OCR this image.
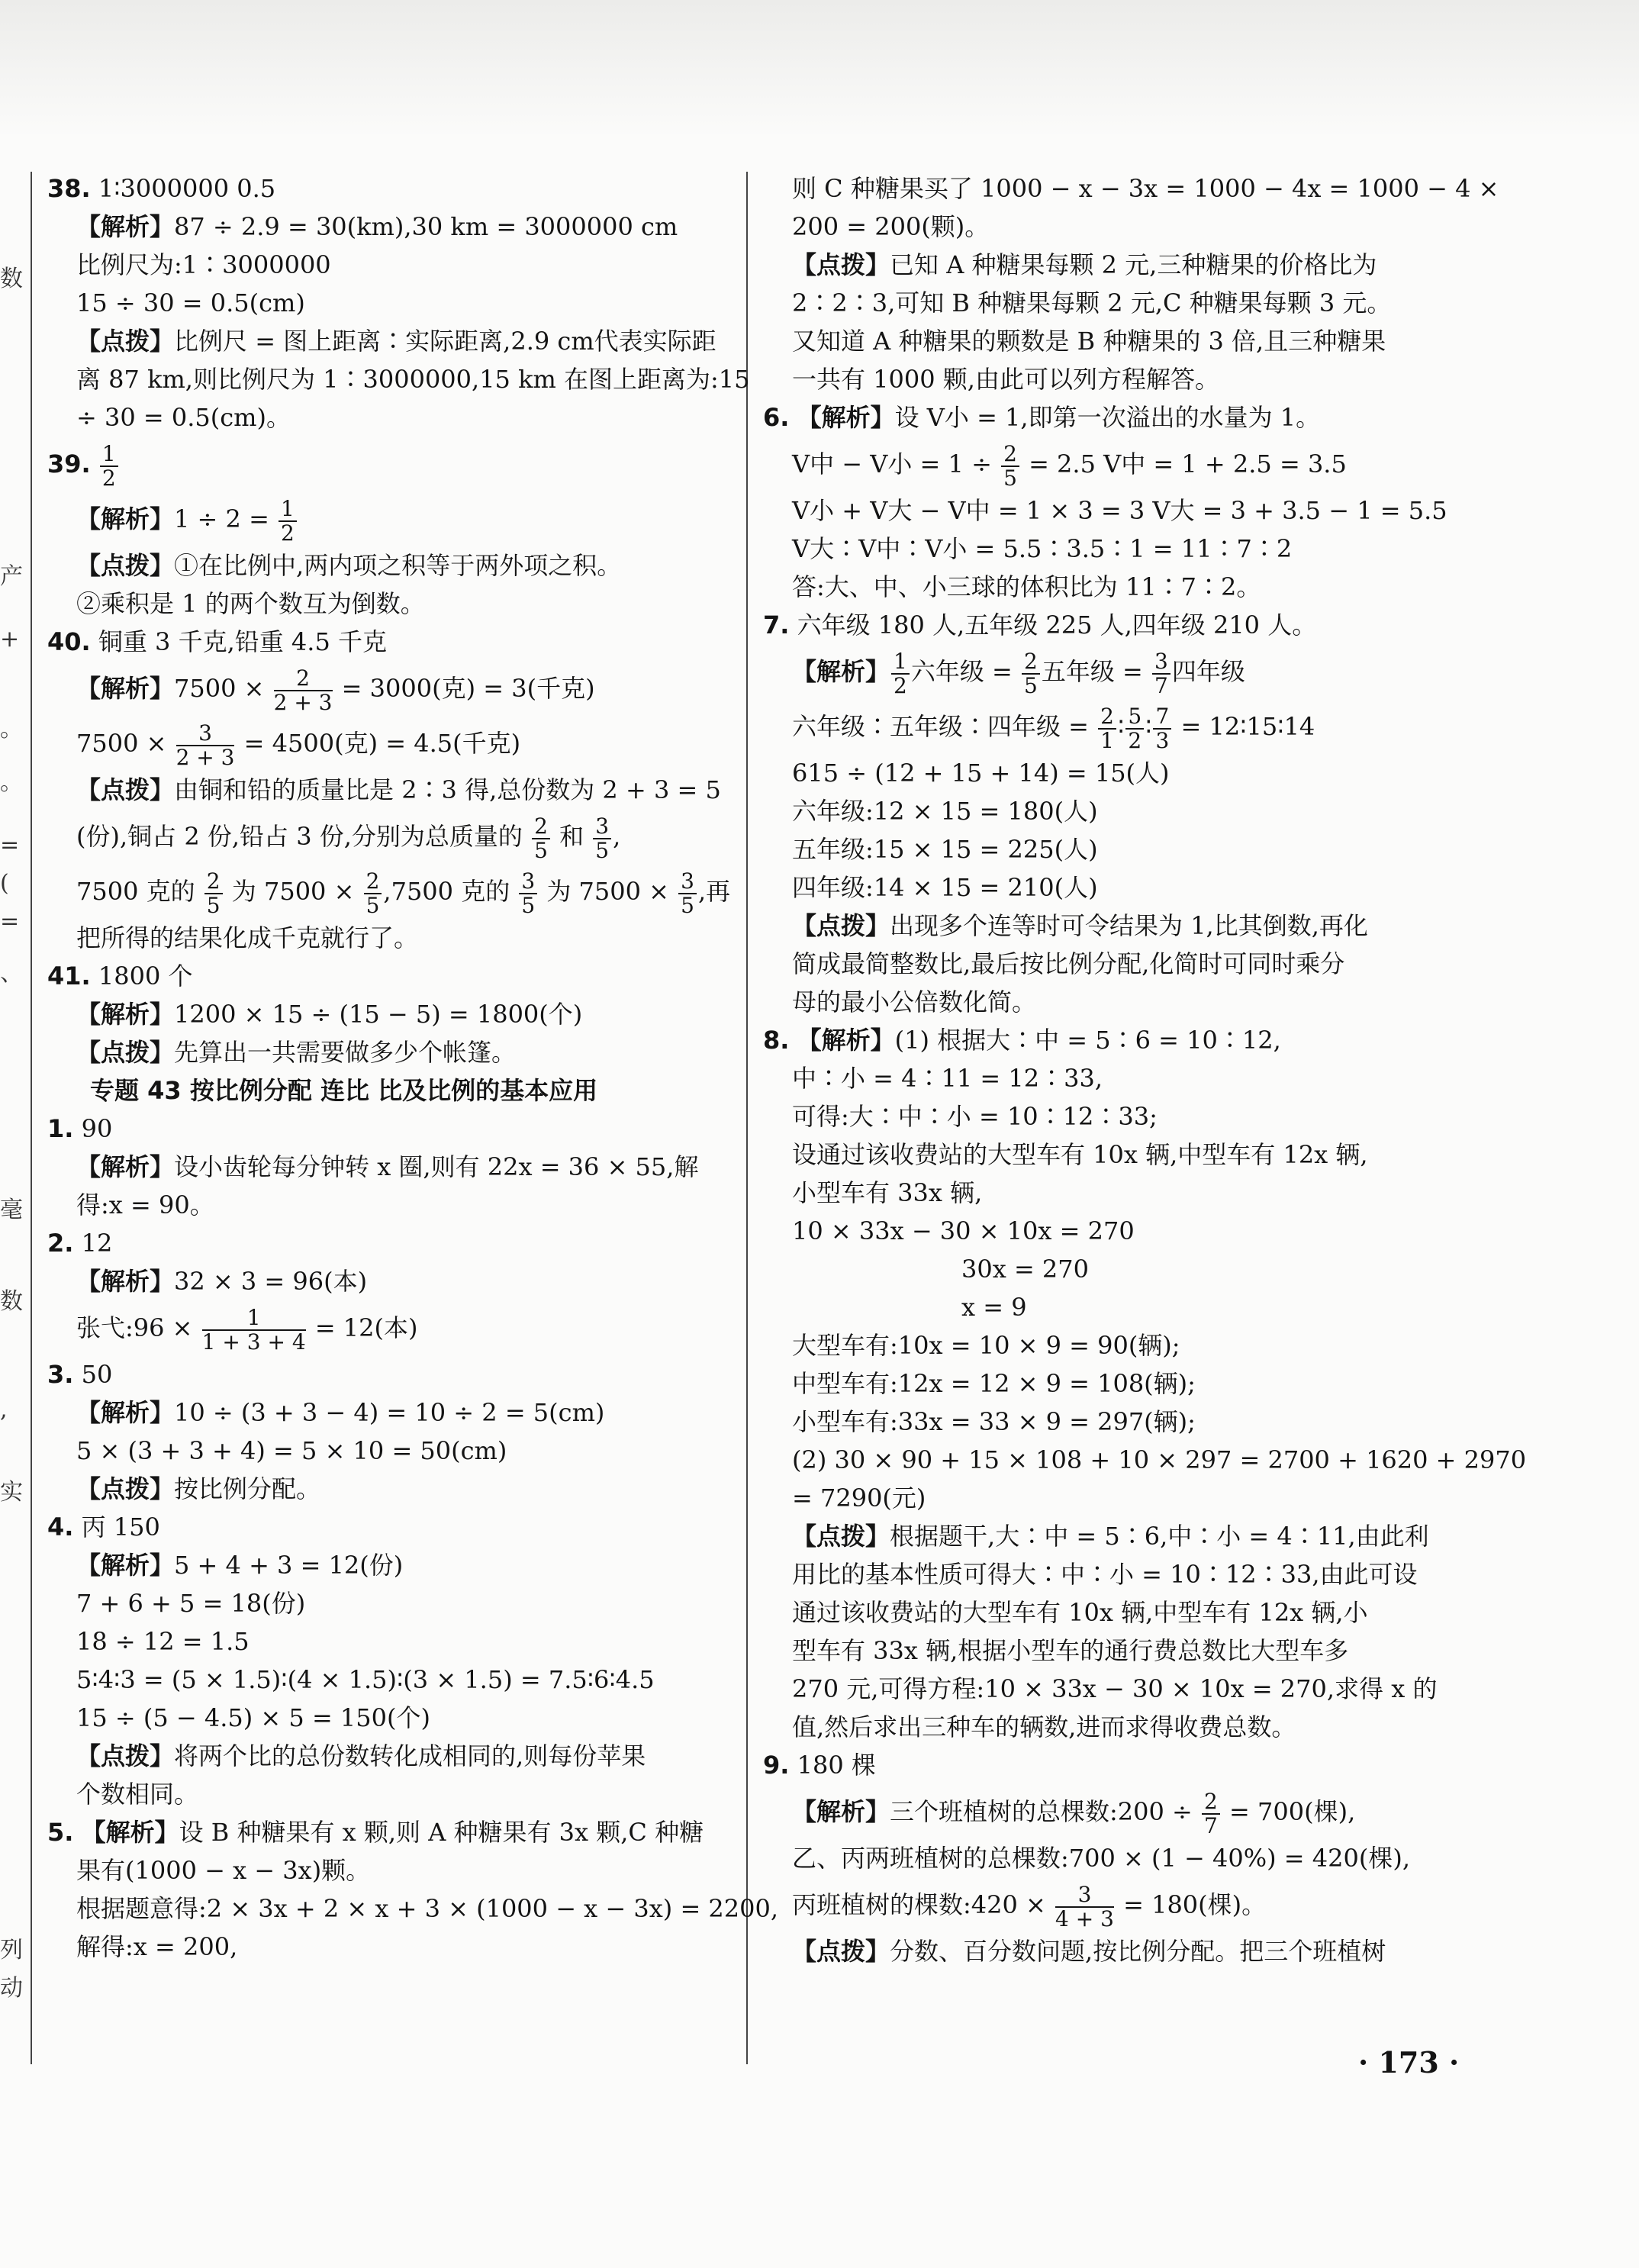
数
产
+
。
。
=
(
=
、
毫
数
,
实
列
动
38. 1∶3000000 0.5
【解析】87 ÷ 2.9 = 30(km),30 km = 3000000 cm
比例尺为:1∶3000000
15 ÷ 30 = 0.5(cm)
【点拨】比例尺 = 图上距离∶实际距离,2.9 cm代表实际距
离 87 km,则比例尺为 1∶3000000,15 km 在图上距离为:15
÷ 30 = 0.5(cm)。
39. $\frac{1}{2}$
【解析】$1 \div 2 = \frac{1}{2}$
【点拨】①在比例中,两内项之积等于两外项之积。
②乘积是 1 的两个数互为倒数。
40. 铜重 3 千克,铅重 4.5 千克
【解析】$7500 \times \frac{2}{2 + 3} = 3000$(克) = 3(千克)
$7500 \times \frac{3}{2 + 3} = 4500$(克) = 4.5(千克)
【点拨】由铜和铅的质量比是 2∶3 得,总份数为 2 + 3 = 5
(份),铜占 2 份,铅占 3 份,分别为总质量的 $\frac{2}{5}$ 和 $\frac{3}{5}$ ,
7500 克的 $\frac{2}{5}$ 为 $7500 \times \frac{2}{5} ,7500$ 克的 $\frac{3}{5}$ 为 $7500 \times \frac{3}{5}$ ,再
把所得的结果化成千克就行了。
41. 1800 个
【解析】1200 × 15 ÷ (15 − 5) = 1800(个)
【点拨】先算出一共需要做多少个帐篷。
专题 43 按比例分配 连比 比及比例的基本应用
1. 90
【解析】设小齿轮每分钟转 x 圈,则有 22x = 36 × 55,解
得:x = 90。
2. 12
【解析】32 × 3 = 96(本)
张弋:96 × $\frac{1}{1 + 3 + 4} = 12$(本)
3. 50
【解析】10 ÷ (3 + 3 − 4) = 10 ÷ 2 = 5(cm)
5 × (3 + 3 + 4) = 5 × 10 = 50(cm)
【点拨】按比例分配。
4. 丙 150
【解析】5 + 4 + 3 = 12(份)
7 + 6 + 5 = 18(份)
18 ÷ 12 = 1.5
5∶4∶3 = (5 × 1.5)∶(4 × 1.5)∶(3 × 1.5) = 7.5∶6∶4.5
15 ÷ (5 − 4.5) × 5 = 150(个)
【点拨】将两个比的总份数转化成相同的,则每份苹果
个数相同。
5. 【解析】设 B 种糖果有 x 颗,则 A 种糖果有 3x 颗,C 种糖
果有(1000 − x − 3x)颗。
根据题意得:2 × 3x + 2 × x + 3 × (1000 − x − 3x) = 2200,
解得:x = 200,
则 C 种糖果买了 1000 − x − 3x = 1000 − 4x = 1000 − 4 ×
200 = 200(颗)。
【点拨】已知 A 种糖果每颗 2 元,三种糖果的价格比为
2∶2∶3,可知 B 种糖果每颗 2 元,C 种糖果每颗 3 元。
又知道 A 种糖果的颗数是 B 种糖果的 3 倍,且三种糖果
一共有 1000 颗,由此可以列方程解答。
6. 【解析】设 V小 = 1,即第一次溢出的水量为 1。
V中 − V小 = $1 \div \frac{2}{5} = 2.5$ V中 = 1 + 2.5 = 3.5
V小 + V大 − V中 = 1 × 3 = 3 V大 = 3 + 3.5 − 1 = 5.5
V大∶V中∶V小 = 5.5∶3.5∶1 = 11∶7∶2
答:大、中、小三球的体积比为 11∶7∶2。
7. 六年级 180 人,五年级 225 人,四年级 210 人。
【解析】 $\frac{1}{2}$ 六年级 = $\frac{2}{5}$ 五年级 = $\frac{3}{7}$ 四年级
六年级∶五年级∶四年级 = $\frac{2}{1}$ ∶ $\frac{5}{2}$ ∶ $\frac{7}{3}$ = 12∶15∶14
615 ÷ (12 + 15 + 14) = 15(人)
六年级:12 × 15 = 180(人)
五年级:15 × 15 = 225(人)
四年级:14 × 15 = 210(人)
【点拨】出现多个连等时可令结果为 1,比其倒数,再化
简成最简整数比,最后按比例分配,化简时可同时乘分
母的最小公倍数化简。
8. 【解析】(1) 根据大∶中 = 5∶6 = 10∶12,
中∶小 = 4∶11 = 12∶33,
可得:大∶中∶小 = 10∶12∶33;
设通过该收费站的大型车有 10x 辆,中型车有 12x 辆,
小型车有 33x 辆,
10 × 33x − 30 × 10x = 270
30x = 270
x = 9
大型车有:10x = 10 × 9 = 90(辆);
中型车有:12x = 12 × 9 = 108(辆);
小型车有:33x = 33 × 9 = 297(辆);
(2) 30 × 90 + 15 × 108 + 10 × 297 = 2700 + 1620 + 2970
= 7290(元)
【点拨】根据题干,大∶中 = 5∶6,中∶小 = 4∶11,由此利
用比的基本性质可得大∶中∶小 = 10∶12∶33,由此可设
通过该收费站的大型车有 10x 辆,中型车有 12x 辆,小
型车有 33x 辆,根据小型车的通行费总数比大型车多
270 元,可得方程:10 × 33x − 30 × 10x = 270,求得 x 的
值,然后求出三种车的辆数,进而求得收费总数。
9. 180 棵
【解析】三个班植树的总棵数:200 ÷ $\frac{2}{7} = 700$(棵),
乙、丙两班植树的总棵数:700 × (1 − 40%) = 420(棵),
丙班植树的棵数:420 × $\frac{3}{4 + 3} = 180$(棵)。
【点拨】分数、百分数问题,按比例分配。把三个班植树
· 173 ·
